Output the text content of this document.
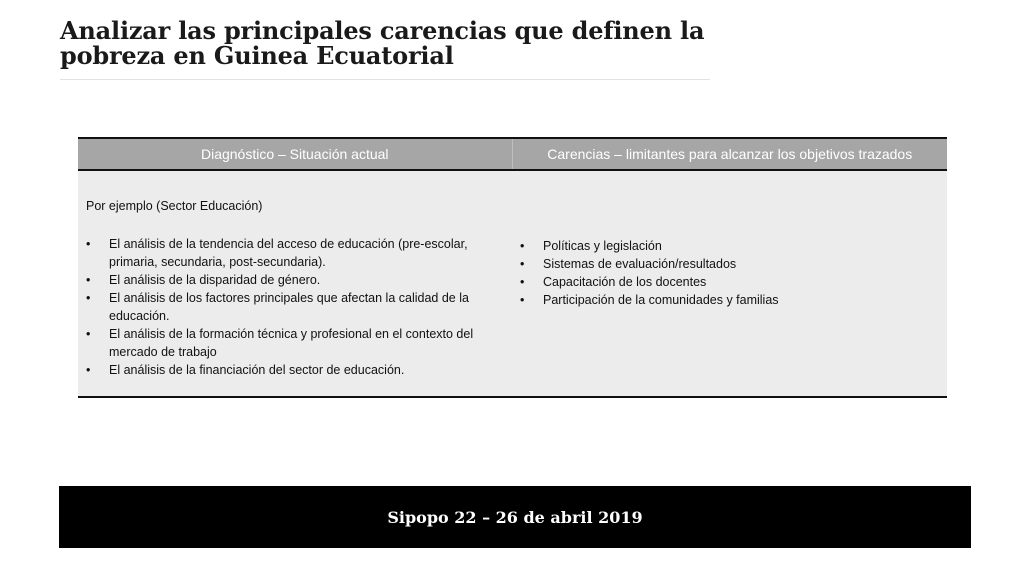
Analizar las principales carencias que definen la pobreza en Guinea Ecuatorial
Diagnóstico – Situación actual	Carencias – limitantes para alcanzar los objetivos trazados

Por ejemplo (Sector Educación)

• El análisis de la tendencia del acceso de educación (pre-escolar, primaria, secundaria, post-secundaria).
• El análisis de la disparidad de género.
• El análisis de los factores principales que afectan la calidad de la educación.
• El análisis de la formación técnica y profesional en el contexto del mercado de trabajo
• El análisis de la financiación del sector de educación.
• Políticas y legislación
• Sistemas de evaluación/resultados
• Capacitación de los docentes
• Participación de la comunidades y familias
Sipopo 22 – 26 de abril 2019
